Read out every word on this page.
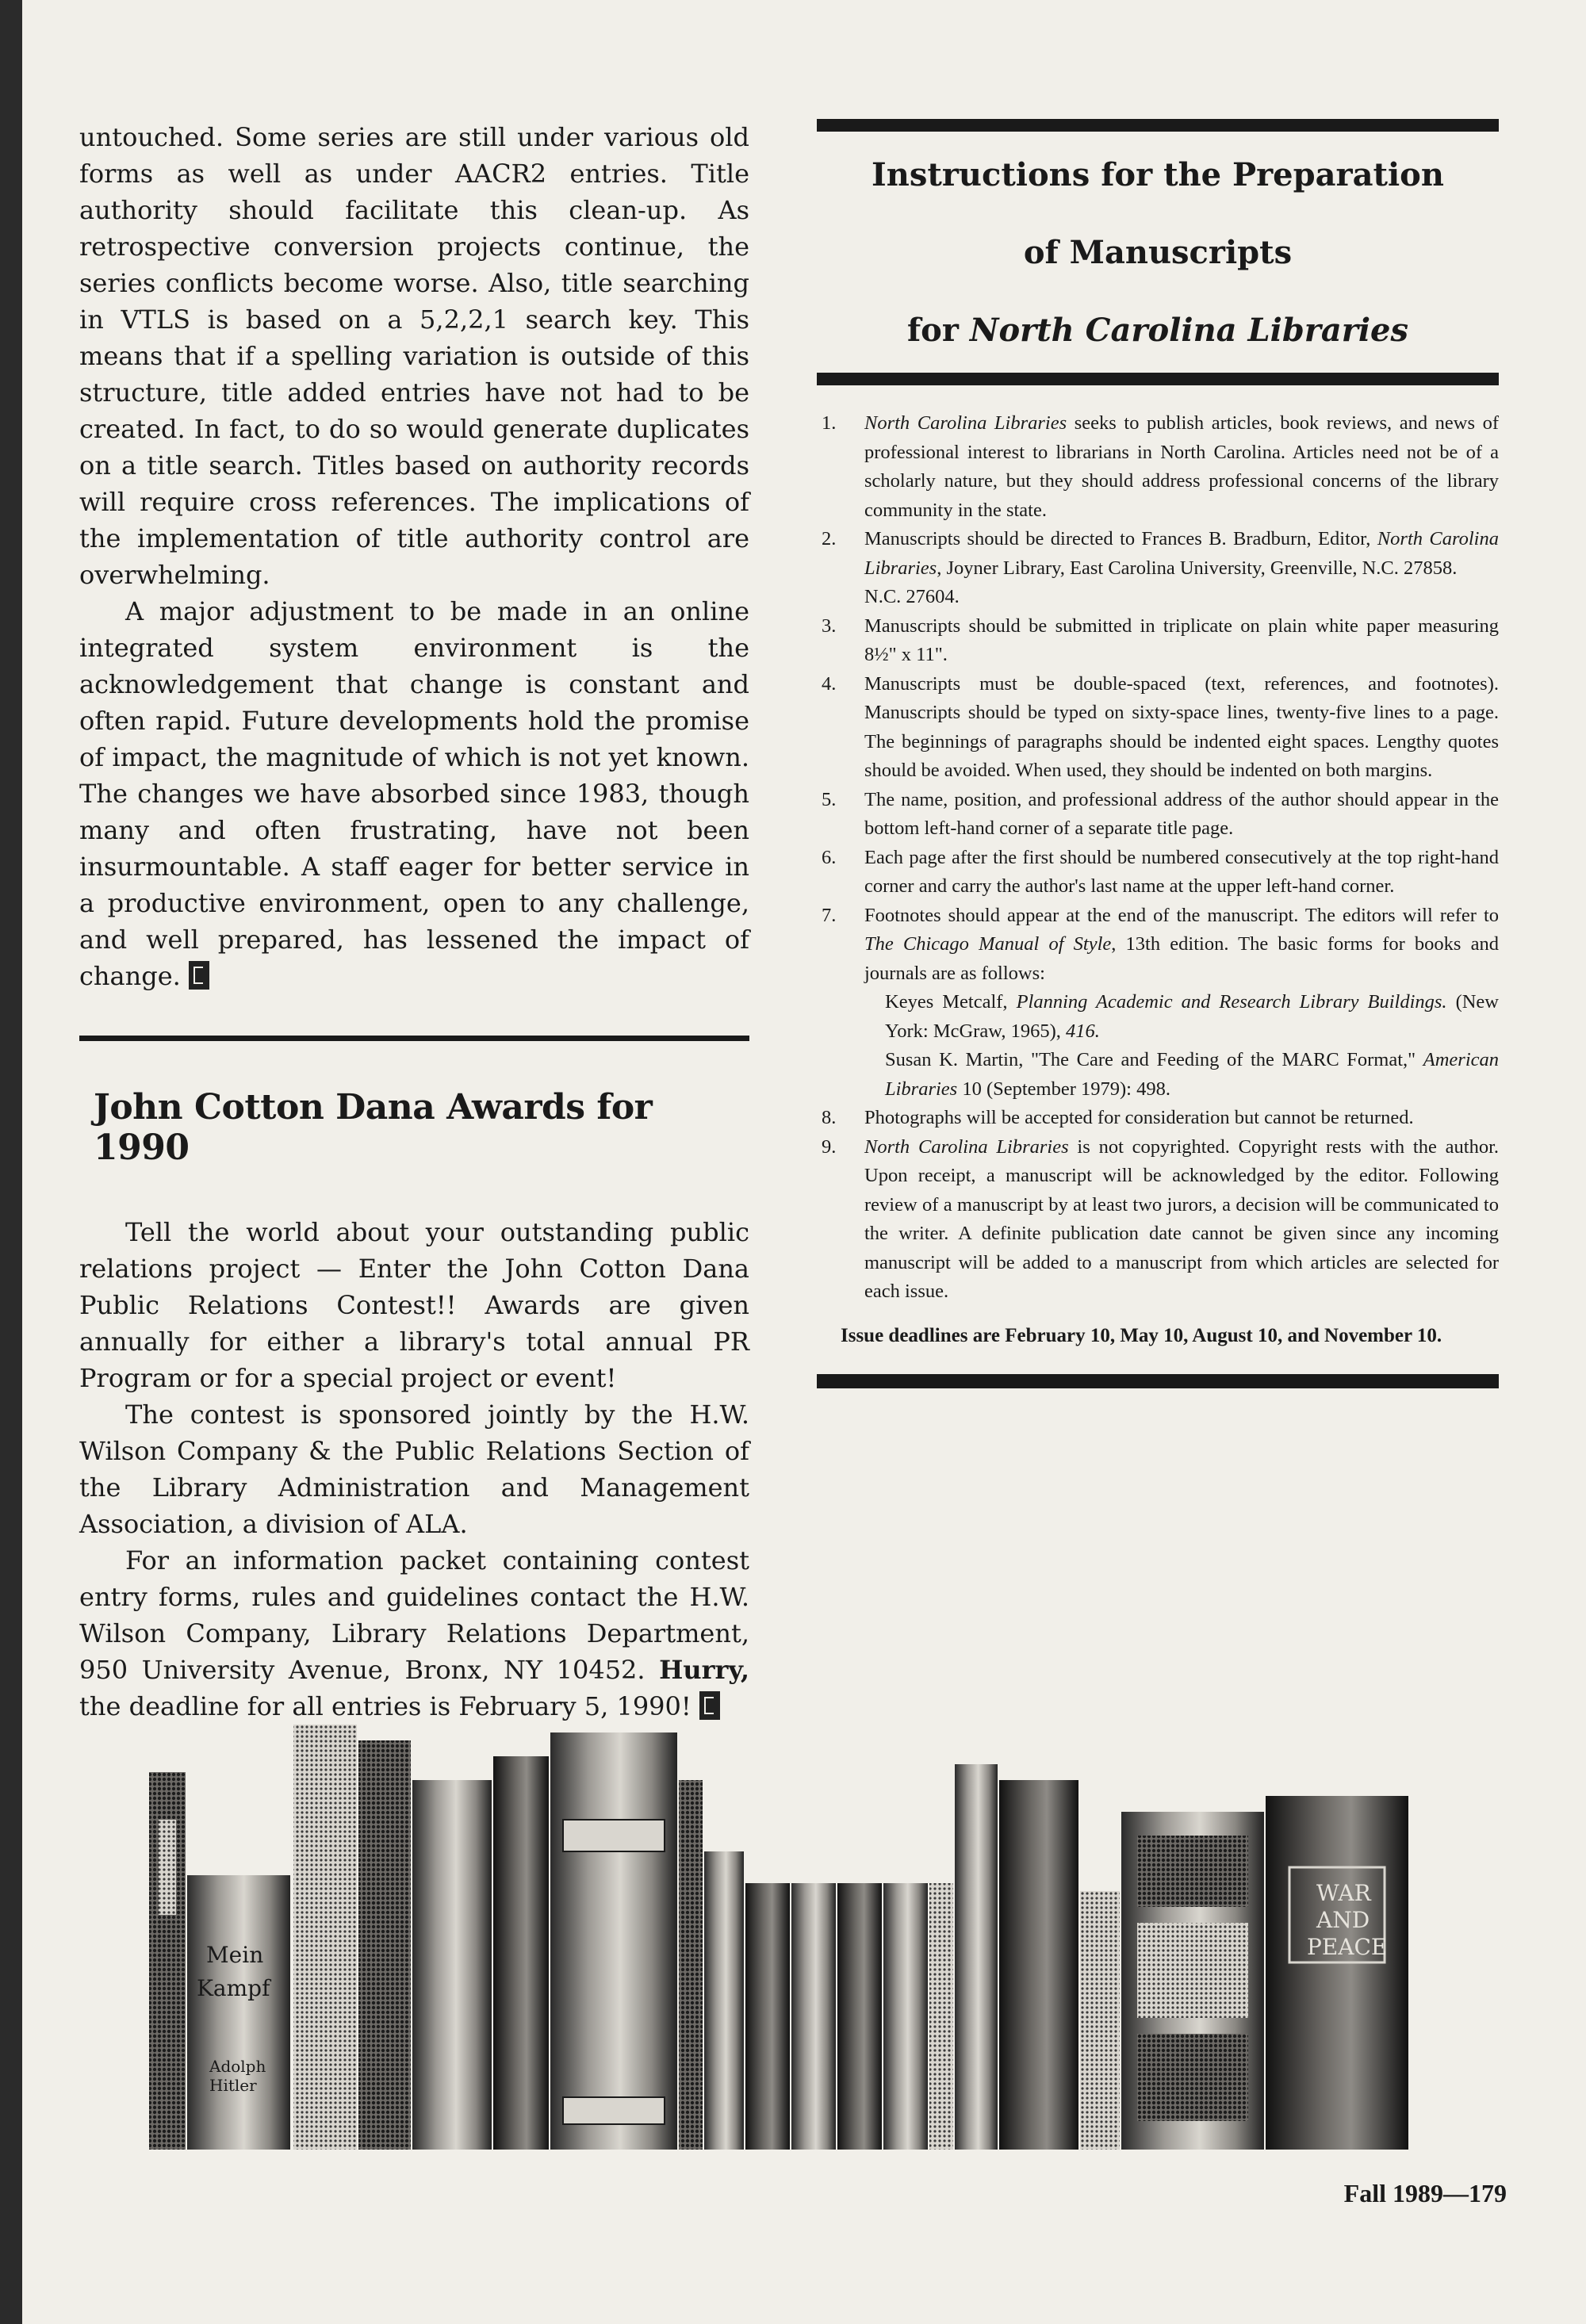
untouched. Some series are still under various old forms as well as under AACR2 entries. Title authority should facilitate this clean-up. As retrospective conversion projects continue, the series conflicts become worse. Also, title searching in VTLS is based on a 5,2,2,1 search key. This means that if a spelling variation is outside of this structure, title added entries have not had to be created. In fact, to do so would generate duplicates on a title search. Titles based on authority records will require cross references. The implications of the implementation of title authority control are overwhelming.

A major adjustment to be made in an online integrated system environment is the acknowledgement that change is constant and often rapid. Future developments hold the promise of impact, the magnitude of which is not yet known. The changes we have absorbed since 1983, though many and often frustrating, have not been insurmountable. A staff eager for better service in a productive environment, open to any challenge, and well prepared, has lessened the impact of change.

John Cotton Dana Awards for 1990

Tell the world about your outstanding public relations project — Enter the John Cotton Dana Public Relations Contest!! Awards are given annually for either a library's total annual PR Program or for a special project or event!

The contest is sponsored jointly by the H.W. Wilson Company & the Public Relations Section of the Library Administration and Management Association, a division of ALA.

For an information packet containing contest entry forms, rules and guidelines contact the H.W. Wilson Company, Library Relations Department, 950 University Avenue, Bronx, NY 10452. Hurry, the deadline for all entries is February 5, 1990!

Instructions for the Preparation
of Manuscripts
for North Carolina Libraries
1. North Carolina Libraries seeks to publish articles, book reviews, and news of professional interest to librarians in North Carolina. Articles need not be of a scholarly nature, but they should address professional concerns of the library community in the state.

2. Manuscripts should be directed to Frances B. Bradburn, Editor, North Carolina Libraries, Joyner Library, East Carolina University, Greenville, N.C. 27858.

N.C. 27604.

3. Manuscripts should be submitted in triplicate on plain white paper measuring 8½" x 11".

4. Manuscripts must be double-spaced (text, references, and footnotes). Manuscripts should be typed on sixty-space lines, twenty-five lines to a page. The beginnings of paragraphs should be indented eight spaces. Lengthy quotes should be avoided. When used, they should be indented on both margins.

5. The name, position, and professional address of the author should appear in the bottom left-hand corner of a separate title page.

6. Each page after the first should be numbered consecutively at the top right-hand corner and carry the author's last name at the upper left-hand corner.

7. Footnotes should appear at the end of the manuscript. The editors will refer to The Chicago Manual of Style, 13th edition. The basic forms for books and journals are as follows:

Keyes Metcalf, Planning Academic and Research Library Buildings. (New York: McGraw, 1965), 416.

Susan K. Martin, "The Care and Feeding of the MARC Format," American Libraries 10 (September 1979): 498.

8. Photographs will be accepted for consideration but cannot be returned.

9. North Carolina Libraries is not copyrighted. Copyright rests with the author. Upon receipt, a manuscript will be acknowledged by the editor. Following review of a manuscript by at least two jurors, a decision will be communicated to the writer. A definite publication date cannot be given since any incoming manuscript will be added to a manuscript from which articles are selected for each issue.

Issue deadlines are February 10, May 10, August 10, and November 10.

Mein
Kampf
Adolph
Hitler
WAR
AND
PEACE
Fall 1989—179
